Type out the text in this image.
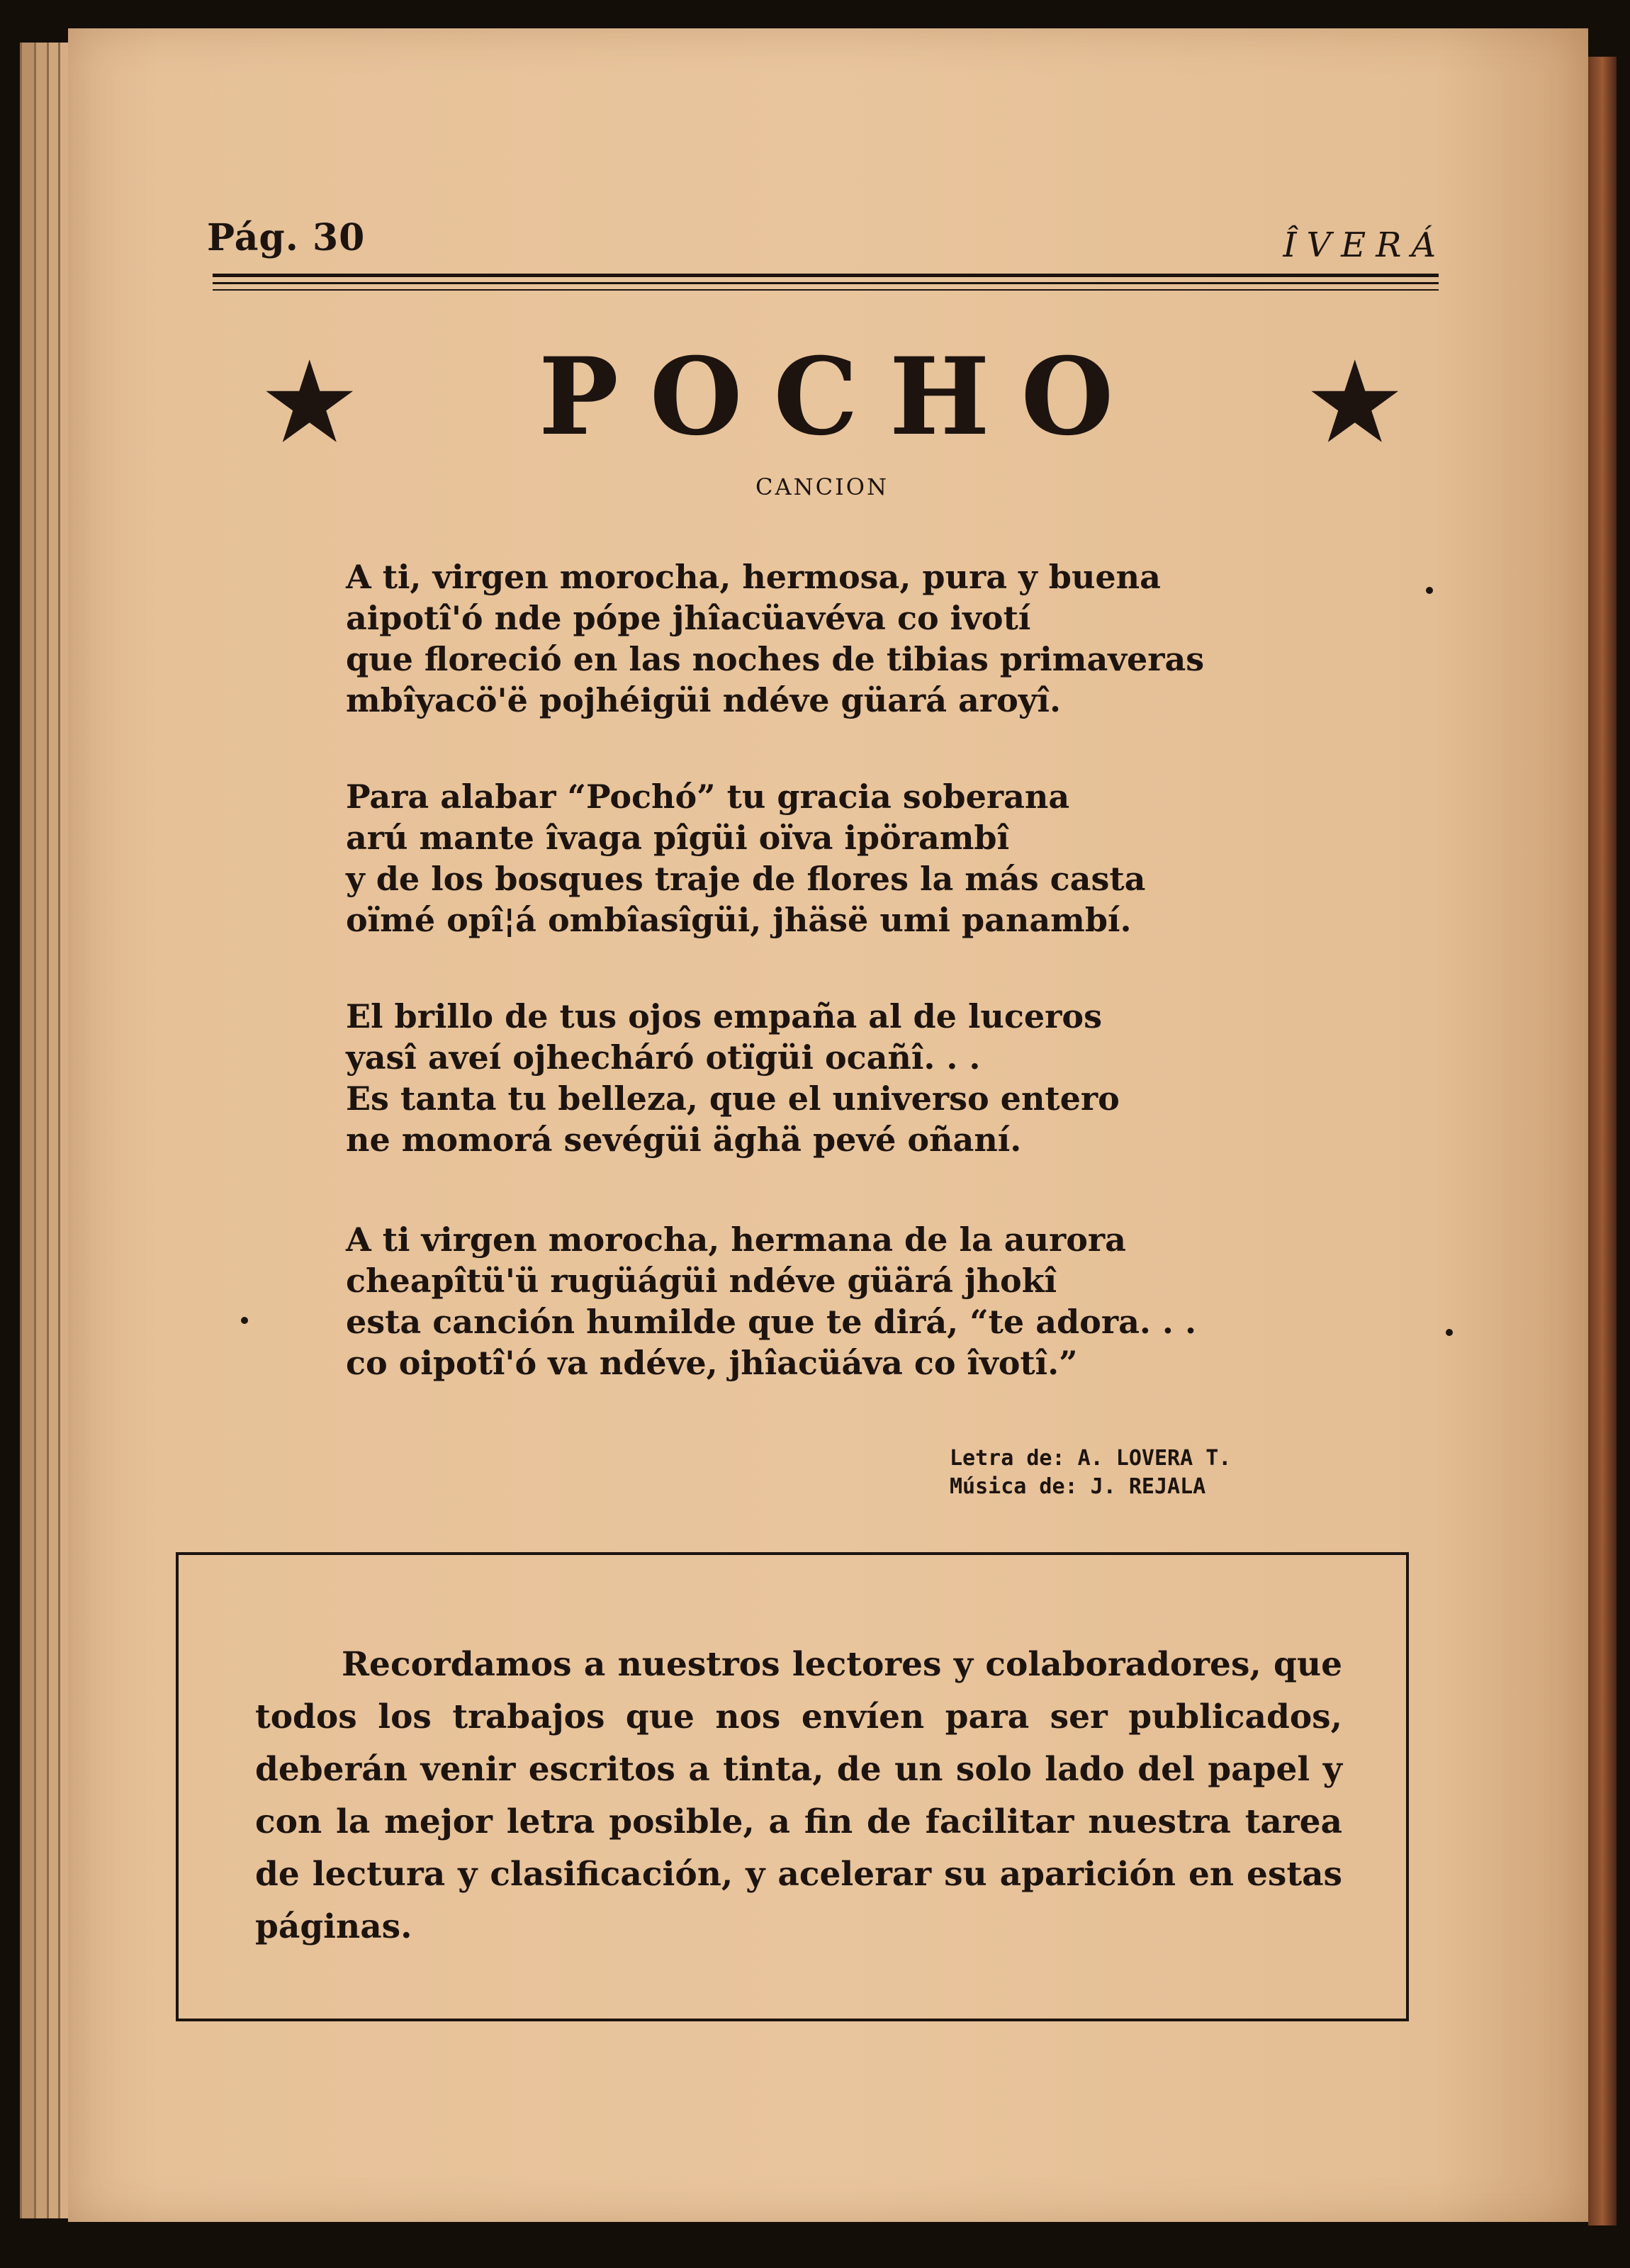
Pág. 30	ÎVERÁ
★ POCHO ★
CANCION
A ti, virgen morocha, hermosa, pura y buena
aipotî'ó nde pópe jhîacüavéva co ivotí
que floreció en las noches de tibias primaveras
mbîyacö'ë pojhéigüi ndéve güará aroyî.
Para alabar “Pochó” tu gracia soberana
arú mante îvaga pîgüi oïva ipörambî
y de los bosques traje de flores la más casta
oïmé opî¦á ombîasîgüi, jhäsë umi panambí.
El brillo de tus ojos empaña al de luceros
yasî aveí ojhecháró otïgüi ocañî. . .
Es tanta tu belleza, que el universo entero
ne momorá sevégüi äghä pevé oñaní.
A ti virgen morocha, hermana de la aurora
cheapîtü'ü rugüágüi ndéve güärá jhokî
esta canción humilde que te dirá, “te adora. . .
co oipotî'ó va ndéve, jhîacüáva co îvotî.”
Letra de: A. LOVERA T.
Música de: J. REJALA
Recordamos a nuestros lectores y colaboradores, que todos los trabajos que nos envíen para ser publicados, deberán venir escritos a tinta, de un solo lado del papel y con la mejor letra posible, a fin de facilitar nuestra tarea de lectura y clasificación, y acelerar su aparición en estas páginas.
